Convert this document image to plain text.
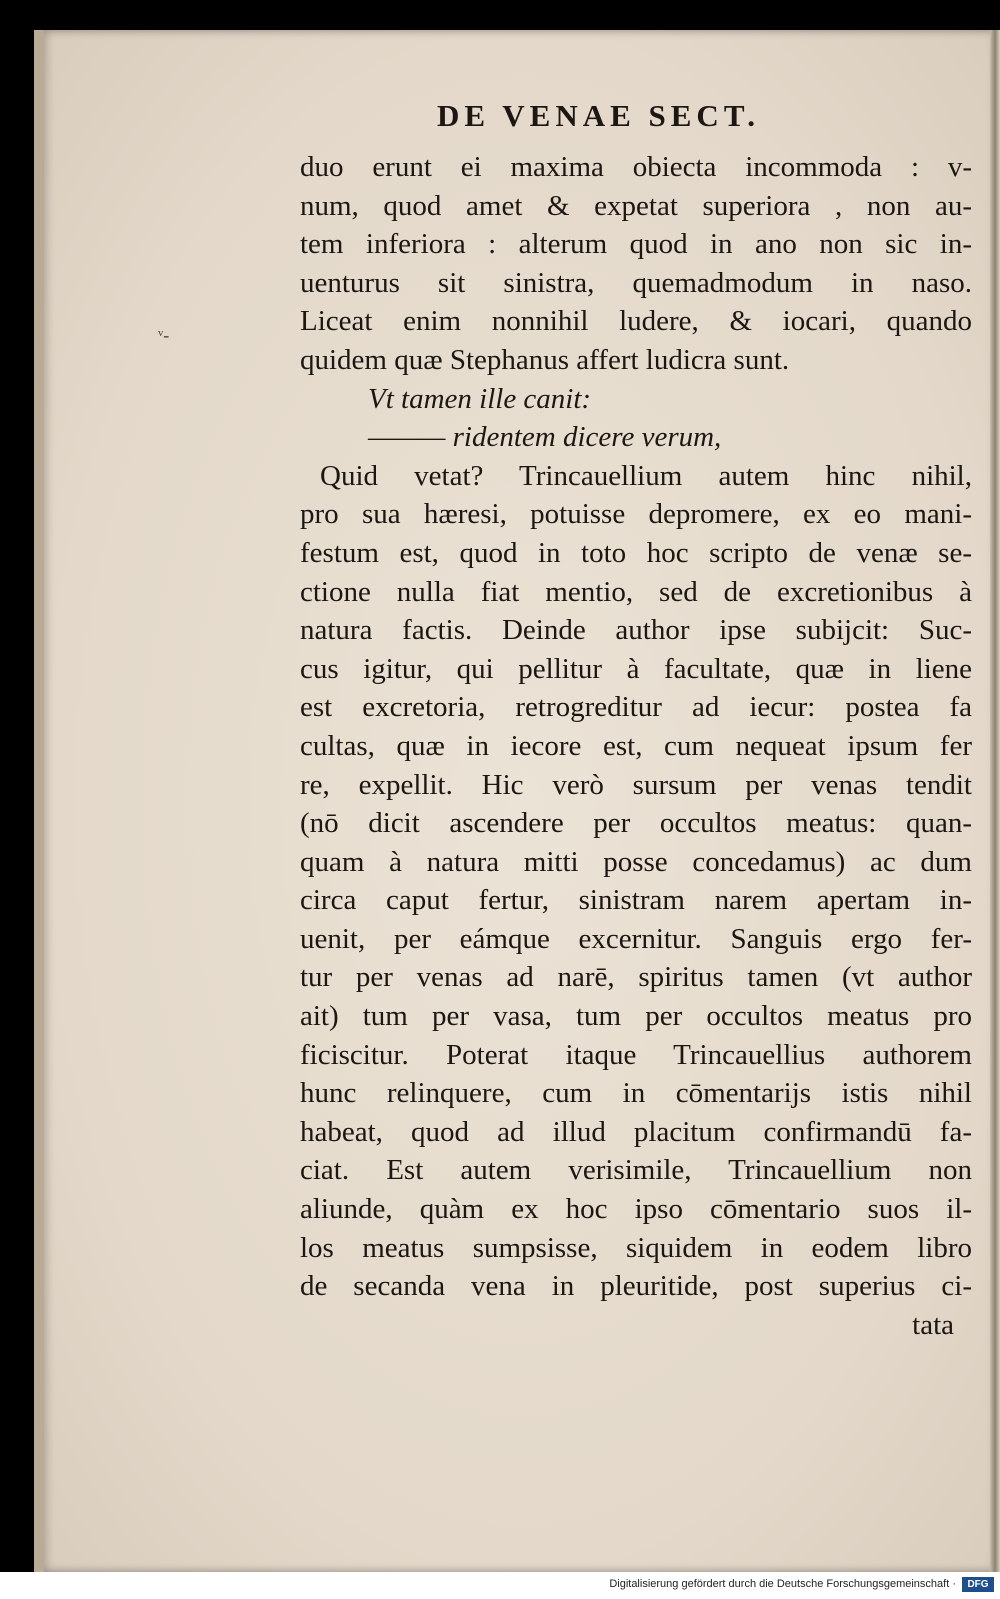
DE VENAE SECT.
ᵛ-
duo erunt ei maxima obiecta incommoda : v-
num, quod amet & expetat superiora , non au-
tem inferiora : alterum quod in ano non sic in-
uenturus sit sinistra, quemadmodum in naso.
Liceat enim nonnihil ludere, & iocari, quando
quidem quæ Stephanus affert ludicra sunt.
Vt tamen ille canit:
——— ridentem dicere verum,
Quid vetat? Trincauellium autem hinc nihil,
pro sua hæresi, potuisse depromere, ex eo mani-
festum est, quod in toto hoc scripto de venæ se-
ctione nulla fiat mentio, sed de excretionibus à
natura factis. Deinde author ipse subijcit: Suc-
cus igitur, qui pellitur à facultate, quæ in liene
est excretoria, retrogreditur ad iecur: postea fa
cultas, quæ in iecore est, cum nequeat ipsum fer
re, expellit. Hic verò sursum per venas tendit
(nō dicit ascendere per occultos meatus: quan-
quam à natura mitti posse concedamus) ac dum
circa caput fertur, sinistram narem apertam in-
uenit, per eámque excernitur. Sanguis ergo fer-
tur per venas ad narē, spiritus tamen (vt author
ait) tum per vasa, tum per occultos meatus pro
ficiscitur. Poterat itaque Trincauellius authorem
hunc relinquere, cum in cōmentarijs istis nihil
habeat, quod ad illud placitum confirmandū fa-
ciat. Est autem verisimile, Trincauellium non
aliunde, quàm ex hoc ipso cōmentario suos il-
los meatus sumpsisse, siquidem in eodem libro
de secanda vena in pleuritide, post superius ci-
tata
Digitalisierung gefördert durch die Deutsche Forschungsgemeinschaft ·	DFG
